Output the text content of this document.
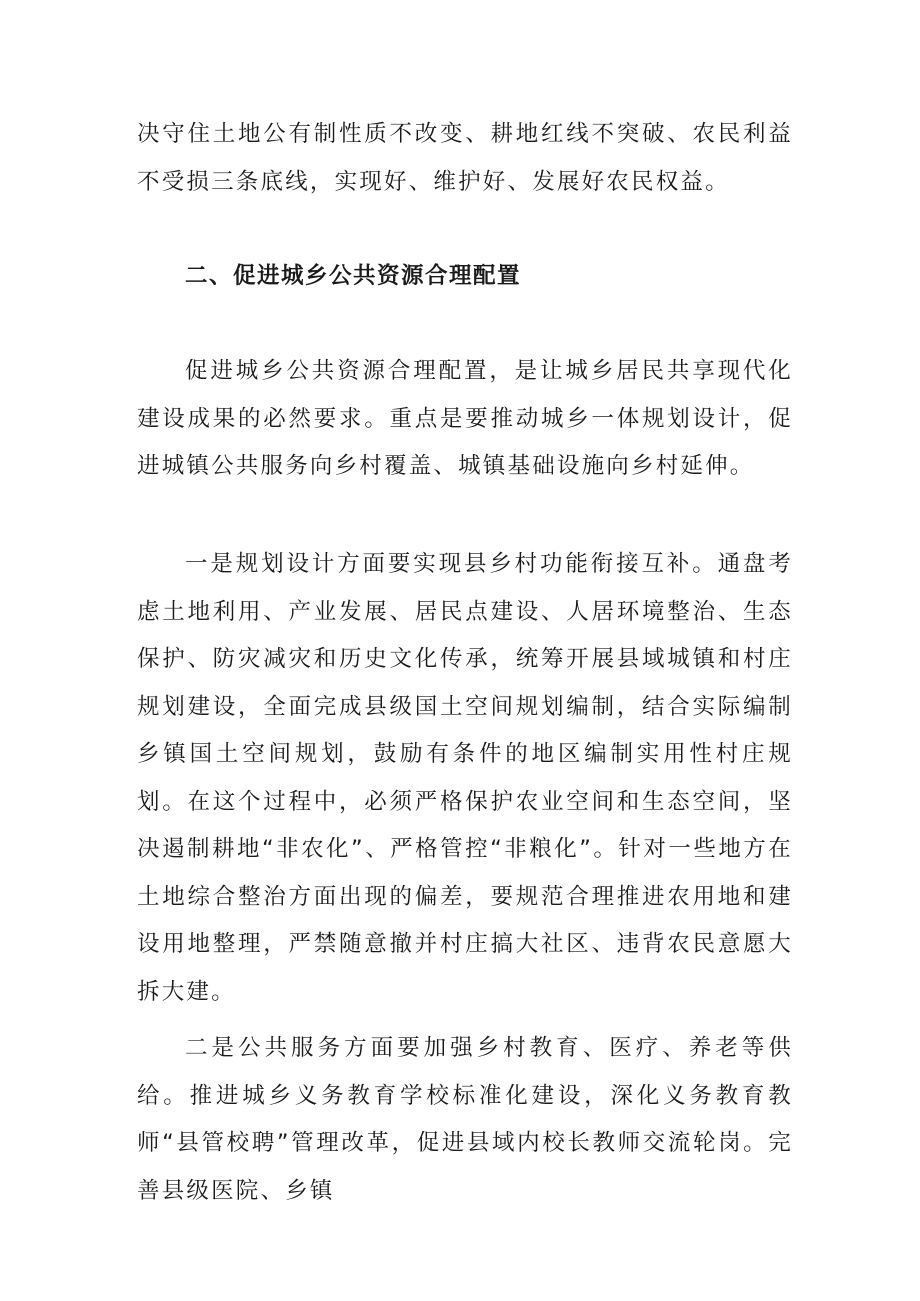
决守住土地公有制性质不改变、耕地红线不突破、农民利益不受损三条底线，实现好、维护好、发展好农民权益。

二、促进城乡公共资源合理配置

促进城乡公共资源合理配置，是让城乡居民共享现代化建设成果的必然要求。重点是要推动城乡一体规划设计，促进城镇公共服务向乡村覆盖、城镇基础设施向乡村延伸。

一是规划设计方面要实现县乡村功能衔接互补。通盘考虑土地利用、产业发展、居民点建设、人居环境整治、生态保护、防灾减灾和历史文化传承，统筹开展县域城镇和村庄规划建设，全面完成县级国土空间规划编制，结合实际编制乡镇国土空间规划，鼓励有条件的地区编制实用性村庄规划。在这个过程中，必须严格保护农业空间和生态空间，坚决遏制耕地“非农化”、严格管控“非粮化”。针对一些地方在土地综合整治方面出现的偏差，要规范合理推进农用地和建设用地整理，严禁随意撤并村庄搞大社区、违背农民意愿大拆大建。

二是公共服务方面要加强乡村教育、医疗、养老等供给。推进城乡义务教育学校标准化建设，深化义务教育教师“县管校聘”管理改革，促进县域内校长教师交流轮岗。完善县级医院、乡镇
